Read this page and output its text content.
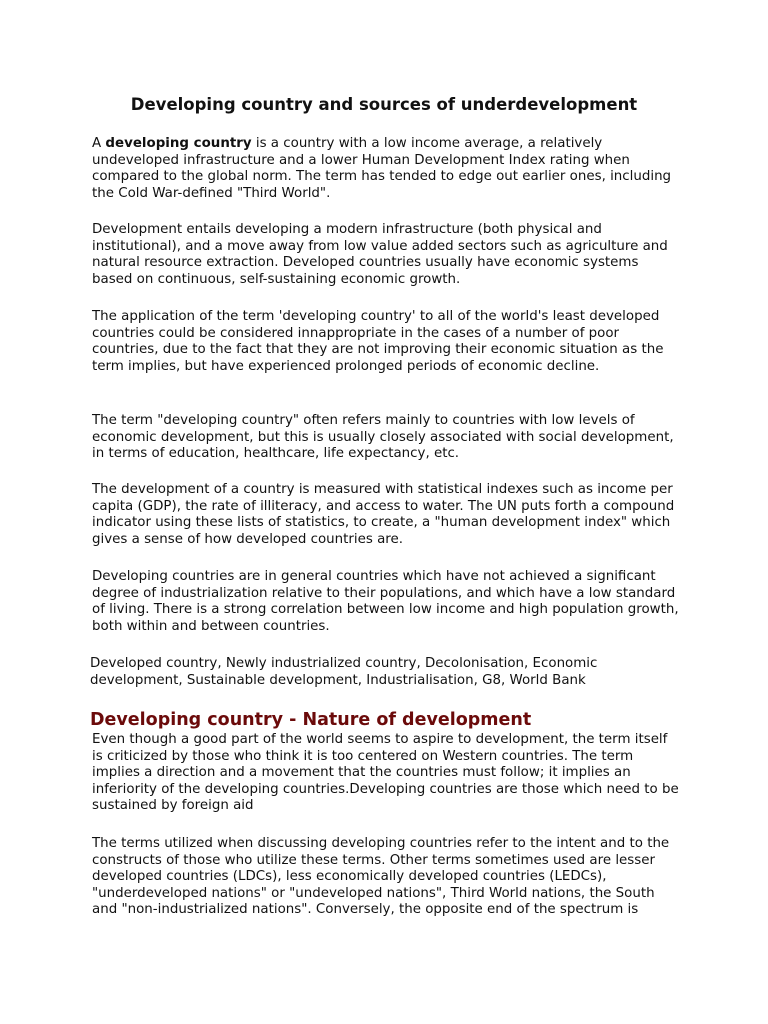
Developing country and sources of underdevelopment

A developing country is a country with a low income average, a relatively undeveloped infrastructure and a lower Human Development Index rating when compared to the global norm. The term has tended to edge out earlier ones, including the Cold War-defined "Third World".

Development entails developing a modern infrastructure (both physical and institutional), and a move away from low value added sectors such as agriculture and natural resource extraction. Developed countries usually have economic systems based on continuous, self-sustaining economic growth.

The application of the term 'developing country' to all of the world's least developed countries could be considered innappropriate in the cases of a number of poor countries, due to the fact that they are not improving their economic situation as the term implies, but have experienced prolonged periods of economic decline.

The term "developing country" often refers mainly to countries with low levels of economic development, but this is usually closely associated with social development, in terms of education, healthcare, life expectancy, etc.

The development of a country is measured with statistical indexes such as income per capita (GDP), the rate of illiteracy, and access to water. The UN puts forth a compound indicator using these lists of statistics, to create, a "human development index" which gives a sense of how developed countries are.

Developing countries are in general countries which have not achieved a significant degree of industrialization relative to their populations, and which have a low standard of living. There is a strong correlation between low income and high population growth, both within and between countries.

Developed country, Newly industrialized country, Decolonisation, Economic development, Sustainable development, Industrialisation, G8, World Bank

Developing country - Nature of development

Even though a good part of the world seems to aspire to development, the term itself is criticized by those who think it is too centered on Western countries. The term implies a direction and a movement that the countries must follow; it implies an inferiority of the developing countries.Developing countries are those which need to be sustained by foreign aid

The terms utilized when discussing developing countries refer to the intent and to the constructs of those who utilize these terms. Other terms sometimes used are lesser developed countries (LDCs), less economically developed countries (LEDCs), "underdeveloped nations" or "undeveloped nations", Third World nations, the South and "non-industrialized nations". Conversely, the opposite end of the spectrum is
